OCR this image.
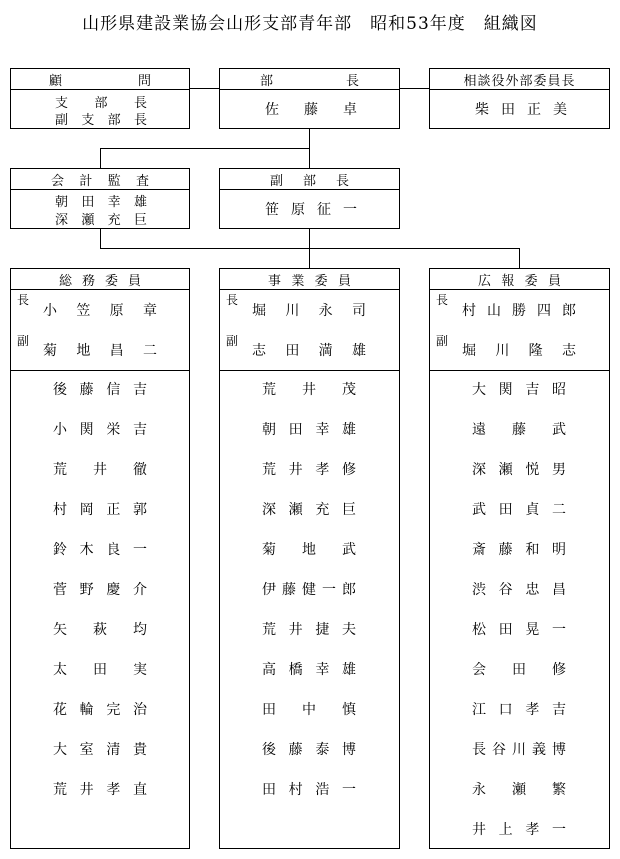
山形県建設業協会山形支部青年部　昭和53年度　組織図
顧	問
支 部 長
副 支 部 長
部	長
佐 藤 卓
相談役外部委員長
柴 田 正 美
会 計 監 査
朝 田 幸 雄
深 瀬 充 巨
副 部 長
笹 原 征 一
総 務 委 員
長
小 笠 原 章
副
菊 地 昌 二
後 藤 信 吉
小 関 栄 吉
荒 井 徹
村 岡 正 郭
鈴 木 良 一
菅 野 慶 介
矢 萩 均
太 田 実
花 輪 完 治
大 室 清 貴
荒 井 孝 直
事 業 委 員
長
堀 川 永 司
副
志 田 満 雄
荒 井 茂
朝 田 幸 雄
荒 井 孝 修
深 瀬 充 巨
菊 地 武
伊 藤 健 一 郎
荒 井 捷 夫
高 橋 幸 雄
田 中 慎
後 藤 泰 博
田 村 浩 一
広 報 委 員
長
村 山 勝 四 郎
副
堀 川 隆 志
大 関 吉 昭
遠 藤 武
深 瀬 悦 男
武 田 貞 二
斎 藤 和 明
渋 谷 忠 昌
松 田 晃 一
会 田 修
江 口 孝 吉
長 谷 川 義 博
永 瀬 繁
井 上 孝 一
